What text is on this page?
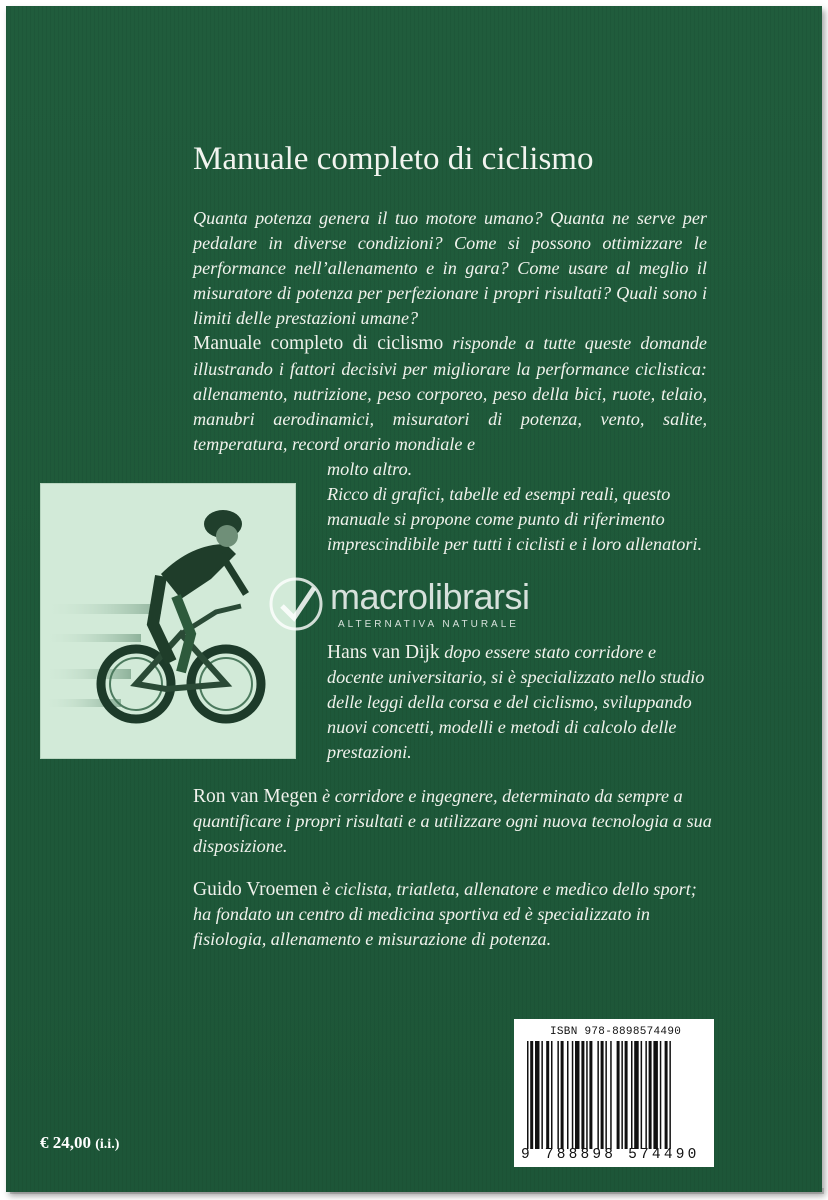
Manuale completo di ciclismo
Quanta potenza genera il tuo motore umano? Quanta ne serve per pedalare in diverse condizioni? Come si possono ottimizzare le performance nell’allenamento e in gara? Come usare al meglio il misuratore di potenza per perfezionare i propri risultati? Quali sono i limiti delle prestazioni umane?
Manuale completo di ciclismo risponde a tutte queste domande illustrando i fattori decisivi per migliorare la performance ciclistica: allenamento, nutrizione, peso corporeo, peso della bici, ruote, telaio, manubri aerodinamici, misuratori di potenza, vento, salite, temperatura, record orario mondiale e
molto altro.
Ricco di grafici, tabelle ed esempi reali, questo manuale si propone come punto di riferimento imprescindibile per tutti i ciclisti e i loro allenatori.
macrolibrarsi
ALTERNATIVA NATURALE
Hans van Dijk dopo essere stato corridore e docente universitario, si è specializzato nello studio delle leggi della corsa e del ciclismo, sviluppando nuovi concetti, modelli e metodi di calcolo delle prestazioni.
Ron van Megen è corridore e ingegnere, determinato da sempre a quantificare i propri risultati e a utilizzare ogni nuova tecnologia a sua disposizione.
Guido Vroemen è ciclista, triatleta, allenatore e medico dello sport; ha fondato un centro di medicina sportiva ed è specializzato in fisiologia, allenamento e misurazione di potenza.
€ 24,00 (i.i.)
ISBN 978-8898574490
9 788898 574490
